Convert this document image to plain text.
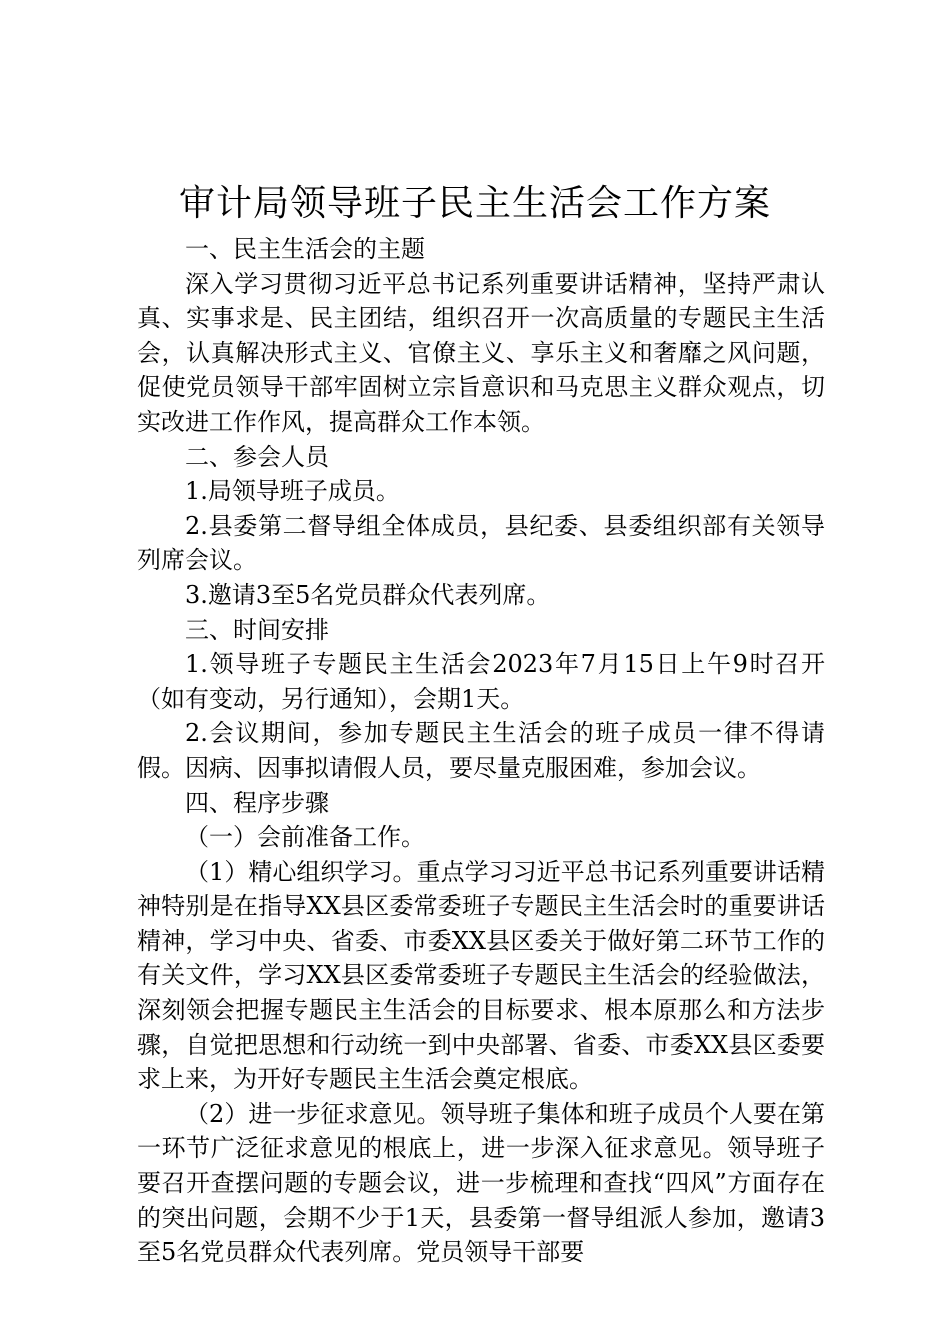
审计局领导班子民主生活会工作方案

一、民主生活会的主题

深入学习贯彻习近平总书记系列重要讲话精神，坚持严肃认真、实事求是、民主团结，组织召开一次高质量的专题民主生活会，认真解决形式主义、官僚主义、享乐主义和奢靡之风问题，促使党员领导干部牢固树立宗旨意识和马克思主义群众观点，切实改进工作作风，提高群众工作本领。

二、参会人员

1.局领导班子成员。

2.县委第二督导组全体成员，县纪委、县委组织部有关领导列席会议。

3.邀请3至5名党员群众代表列席。

三、时间安排

1.领导班子专题民主生活会2023年7月15日上午9时召开（如有变动，另行通知），会期1天。

2.会议期间，参加专题民主生活会的班子成员一律不得请假。因病、因事拟请假人员，要尽量克服困难，参加会议。

四、程序步骤

（一）会前准备工作。

（1）精心组织学习。重点学习习近平总书记系列重要讲话精神特别是在指导XX县区委常委班子专题民主生活会时的重要讲话精神，学习中央、省委、市委XX县区委关于做好第二环节工作的有关文件，学习XX县区委常委班子专题民主生活会的经验做法，深刻领会把握专题民主生活会的目标要求、根本原那么和方法步骤，自觉把思想和行动统一到中央部署、省委、市委XX县区委要求上来，为开好专题民主生活会奠定根底。

（2）进一步征求意见。领导班子集体和班子成员个人要在第一环节广泛征求意见的根底上，进一步深入征求意见。领导班子要召开查摆问题的专题会议，进一步梳理和查找“四风”方面存在的突出问题，会期不少于1天，县委第一督导组派人参加，邀请3至5名党员群众代表列席。党员领导干部要
